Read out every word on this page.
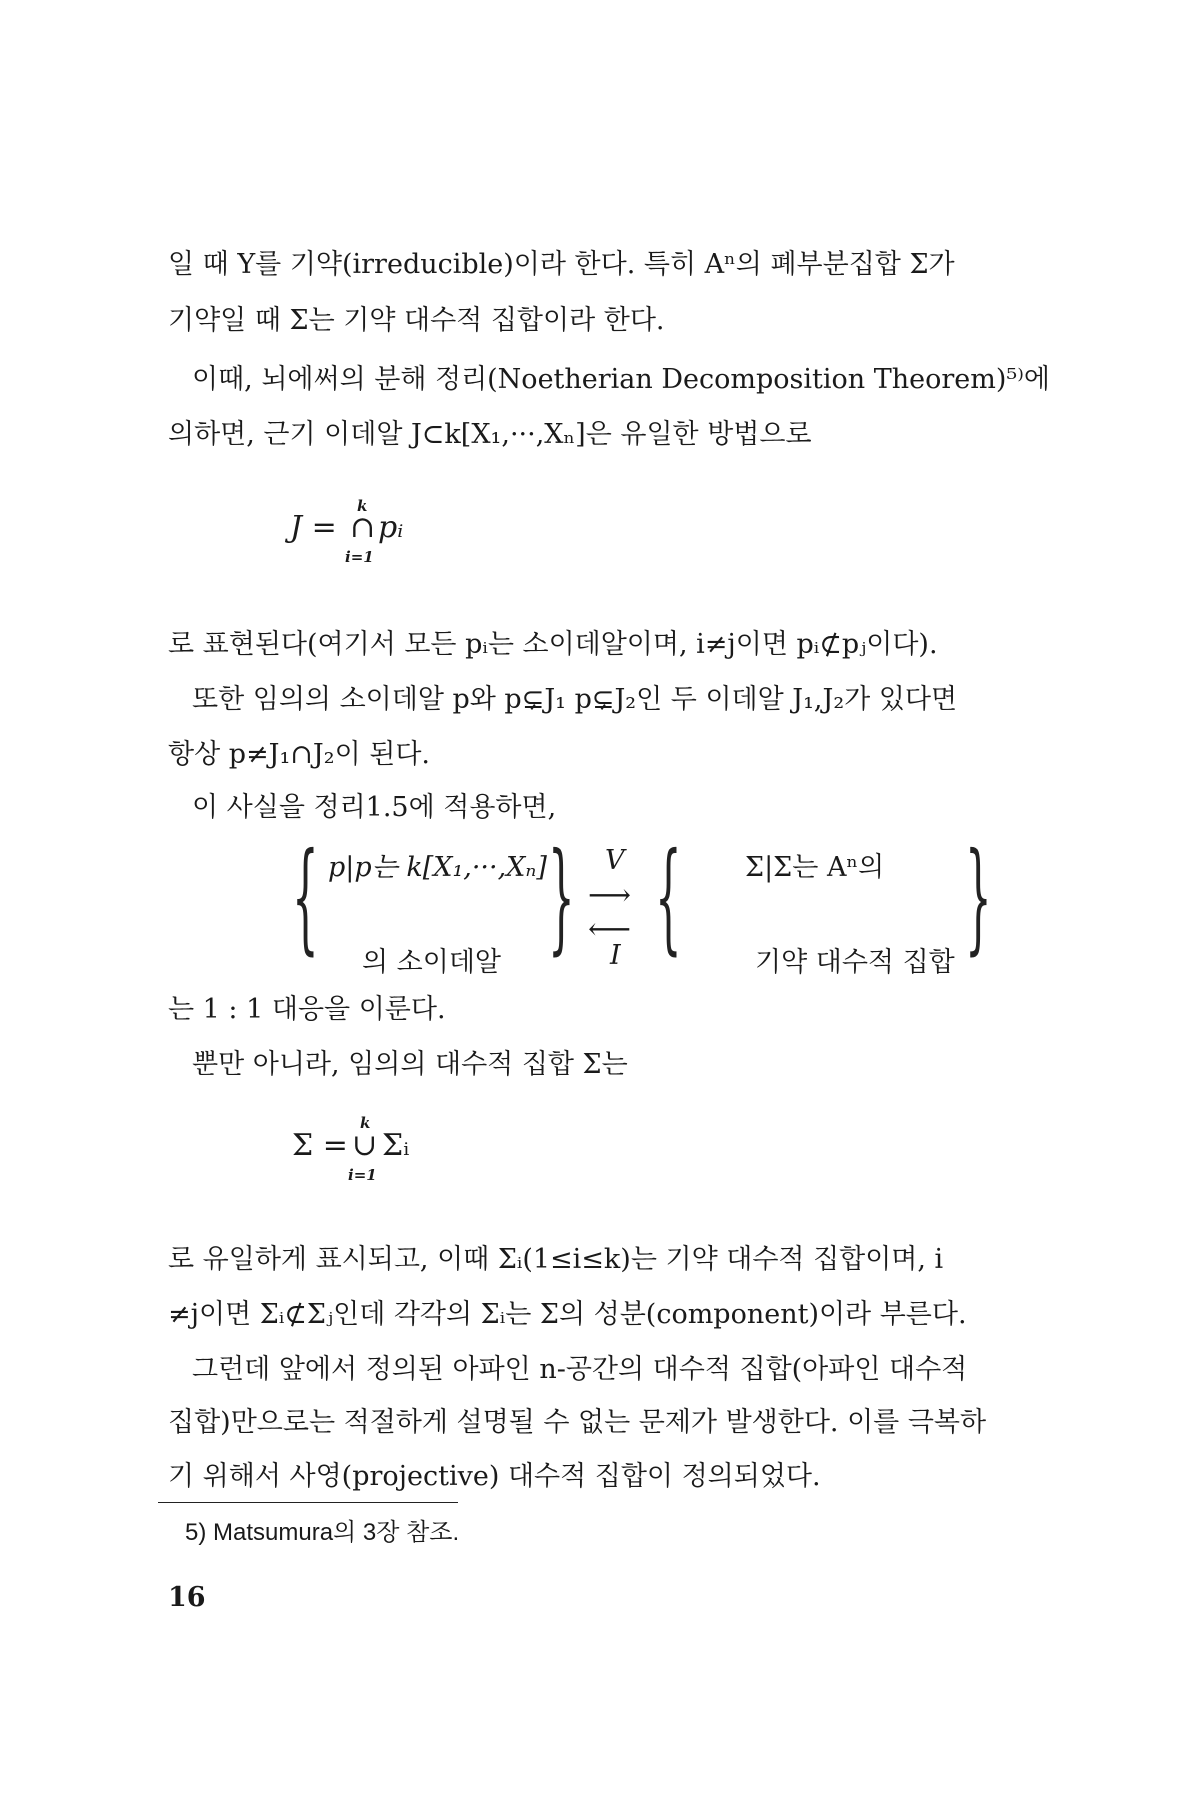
일 때 Y를 기약(irreducible)이라 한다. 특히 Aⁿ의 폐부분집합 Σ가
기약일 때 Σ는 기약 대수적 집합이라 한다.
이때, 뇌에써의 분해 정리(Noetherian Decomposition Theorem)⁵⁾에
의하면, 근기 이데알 J⊂k[X₁,···,Xₙ]은 유일한 방법으로
J =
k
∩
i=1
pᵢ
로 표현된다(여기서 모든 pᵢ는 소이데알이며, i≠j이면 pᵢ⊄pⱼ이다).
또한 임의의 소이데알 p와 p⊊J₁ p⊊J₂인 두 이데알 J₁,J₂가 있다면
항상 p≠J₁∩J₂이 된다.
이 사실을 정리1.5에 적용하면,
{ p|p는 k[X₁,···,Xₙ]
의 소이데알 } V
⟶
⟵
I { Σ|Σ는 Aⁿ의
기약 대수적 집합 }
는 1 : 1 대응을 이룬다.
뿐만 아니라, 임의의 대수적 집합 Σ는
Σ =
k
∪
i=1
Σᵢ
로 유일하게 표시되고, 이때 Σᵢ(1≤i≤k)는 기약 대수적 집합이며, i
≠j이면 Σᵢ⊄Σⱼ인데 각각의 Σᵢ는 Σ의 성분(component)이라 부른다.
그런데 앞에서 정의된 아파인 n-공간의 대수적 집합(아파인 대수적
집합)만으로는 적절하게 설명될 수 없는 문제가 발생한다. 이를 극복하
기 위해서 사영(projective) 대수적 집합이 정의되었다.
5) Matsumura의 3장 참조.
16
